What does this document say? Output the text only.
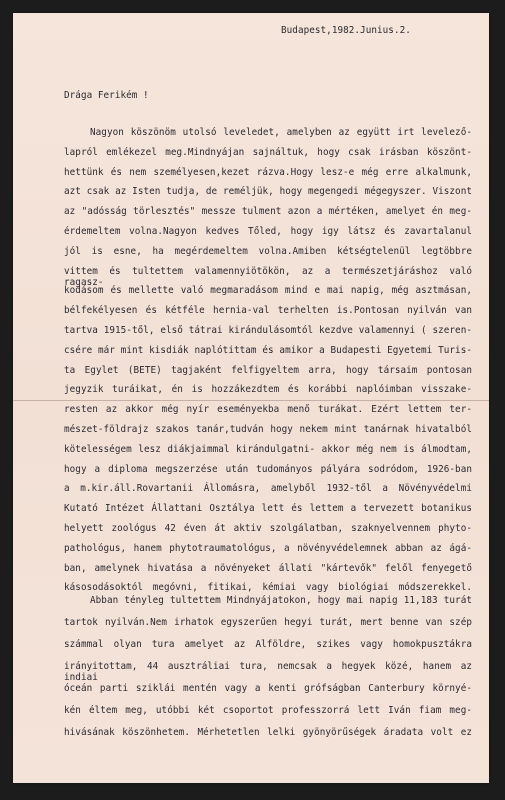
Budapest,1982.Junius.2.

Drága Ferikém !

Nagyon köszönöm utolsó leveledet, amelyben az együtt irt levelező-

lapról emlékezel meg.Mindnyájan sajnáltuk, hogy csak irásban köszönt-

hettünk és nem személyesen,kezet rázva.Hogy lesz-e még erre alkalmunk,

azt csak az Isten tudja, de reméljük, hogy megengedi mégegyszer. Viszont

az "adósság törlesztés" messze tulment azon a mértéken, amelyet én meg-

érdemeltem volna.Nagyon kedves Tőled, hogy igy látsz és zavartalanul

jól is esne, ha megérdemeltem volna.Amiben kétségtelenül legtöbbre

vittem és tultettem valamennyiötökön, az a természetjáráshoz való ragasz-

kodásom és mellette való megmaradásom mind e mai napig, még asztmásan,

bélfekélyesen és kétféle hernia-val terhelten is.Pontosan nyilván van

tartva 1915-től, első tátrai kirándulásomtól kezdve valamennyi ( szeren-

csére már mint kisdiák naplótittam és amikor a Budapesti Egyetemi Turis-

ta Egylet (BETE) tagjaként felfigyeltem arra, hogy társaim pontosan

jegyzik turáikat, én is hozzákezdtem és korábbi naplóimban visszake-

resten az akkor még nyír eseményekba menő turákat. Ezért lettem ter-

mészet-földrajz szakos tanár,tudván hogy nekem mint tanárnak hivatalból

kötelességem lesz diákjaimmal kirándulgatni- akkor még nem is álmodtam,

hogy a diploma megszerzése után tudományos pályára sodródom, 1926-ban

a m.kir.áll.Rovartanii Állomásra, amelyből 1932-től a Növényvédelmi

Kutató Intézet Állattani Osztálya lett és lettem a tervezett botanikus

helyett zoológus 42 éven át aktiv szolgálatban, szaknyelvennem phyto-

pathológus, hanem phytotraumatológus, a növényvédelemnek abban az ágá-

ban, amelynek hivatása a növényeket állati "kártevők" felől fenyegető

kásosodásoktól megóvni, fitikai, kémiai vagy biológiai módszerekkel.

Abban tényleg tultettem Mindnyájatokon, hogy mai napig 11,183 turát

tartok nyilván.Nem irhatok egyszerűen hegyi turát, mert benne van szép

számmal olyan tura amelyet az Alföldre, szikes vagy homokpusztákra

irányitottam, 44 ausztráliai tura, nemcsak a hegyek közé, hanem az indiai

óceán parti sziklái mentén vagy a kenti grófságban Canterbury környé-
kén éltem meg, utóbbi két csoportot professzorrá lett Iván fiam meg-
hivásának köszönhetem. Mérhetetlen lelki gyönyörűségek áradata volt ez
